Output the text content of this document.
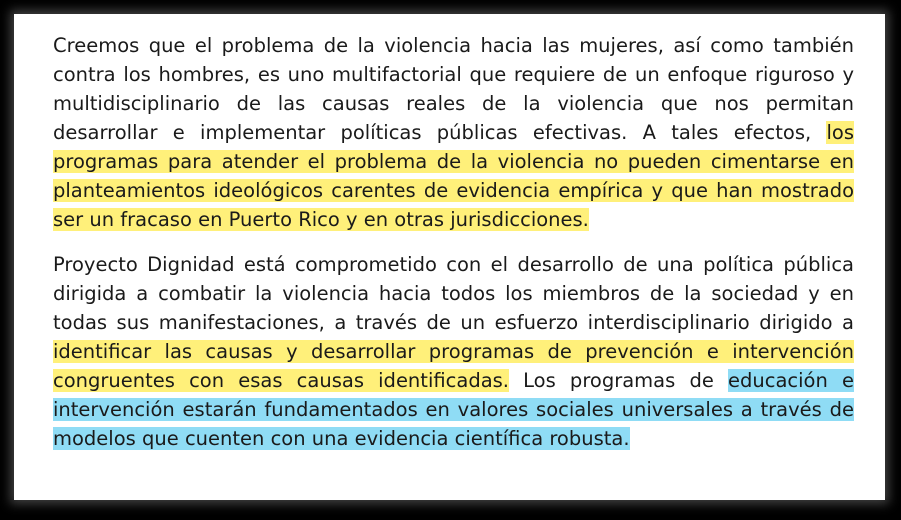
Creemos que el problema de la violencia hacia las mujeres, así como también contra los hombres, es uno multifactorial que requiere de un enfoque riguroso y multidisciplinario de las causas reales de la violencia que nos permitan desarrollar e implementar políticas públicas efectivas. A tales efectos, los programas para atender el problema de la violencia no pueden cimentarse en planteamientos ideológicos carentes de evidencia empírica y que han mostrado ser un fracaso en Puerto Rico y en otras jurisdicciones.

Proyecto Dignidad está comprometido con el desarrollo de una política pública dirigida a combatir la violencia hacia todos los miembros de la sociedad y en todas sus manifestaciones, a través de un esfuerzo interdisciplinario dirigido a identificar las causas y desarrollar programas de prevención e intervención congruentes con esas causas identificadas. Los programas de educación e intervención estarán fundamentados en valores sociales universales a través de modelos que cuenten con una evidencia científica robusta.
